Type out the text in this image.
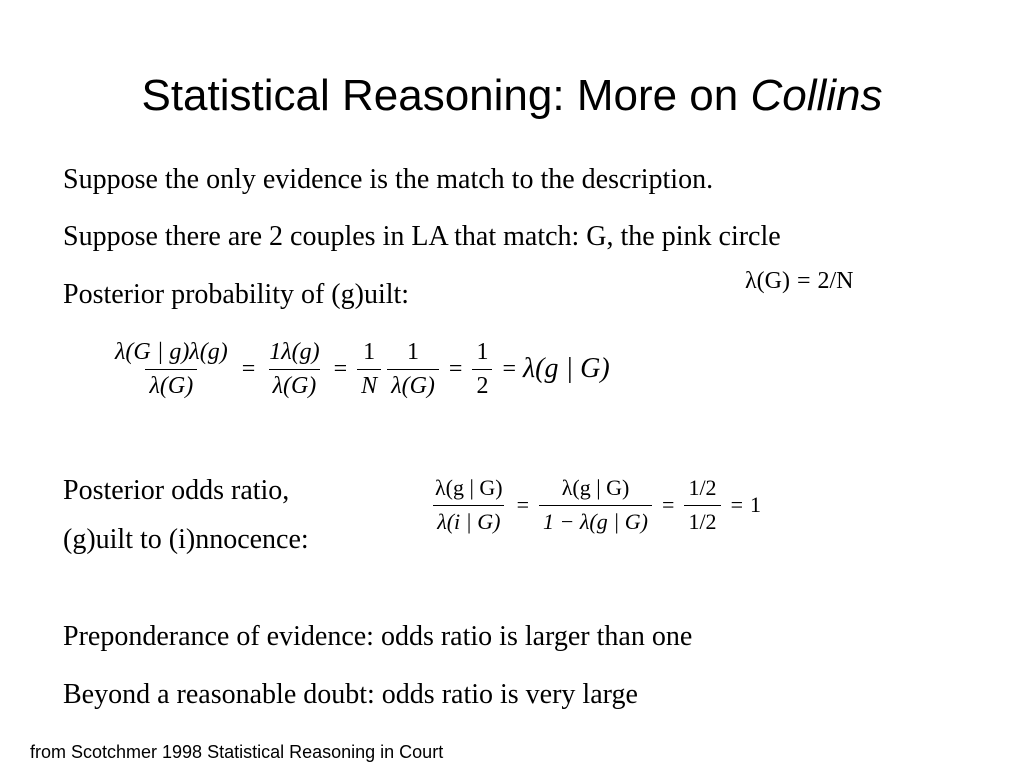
Statistical Reasoning: More on Collins
Suppose the only evidence is the match to the description.
Suppose there are 2 couples in LA that match: G, the pink circle
Posterior probability of (g)uilt:
Posterior odds ratio,
(g)uilt to (i)nnocence:
Preponderance of evidence: odds ratio is larger than one
Beyond a reasonable doubt: odds ratio is very large
λ(G) = 2/N
$\frac{\lambda(G | g)\lambda(g)}{\lambda(G)} = \frac{1\lambda(g)}{\lambda(G)} = \frac{1}{N} \frac{1}{\lambda(G)} = \frac{1}{2} = \lambda(g$ | G)
$\frac{\lambda(g | G)}{\lambda(i | G)} = \frac{\lambda(g | G)}{1 - \lambda(g | G)} = \frac{1/2}{1/2} = 1$
from Scotchmer 1998 Statistical Reasoning in Court
